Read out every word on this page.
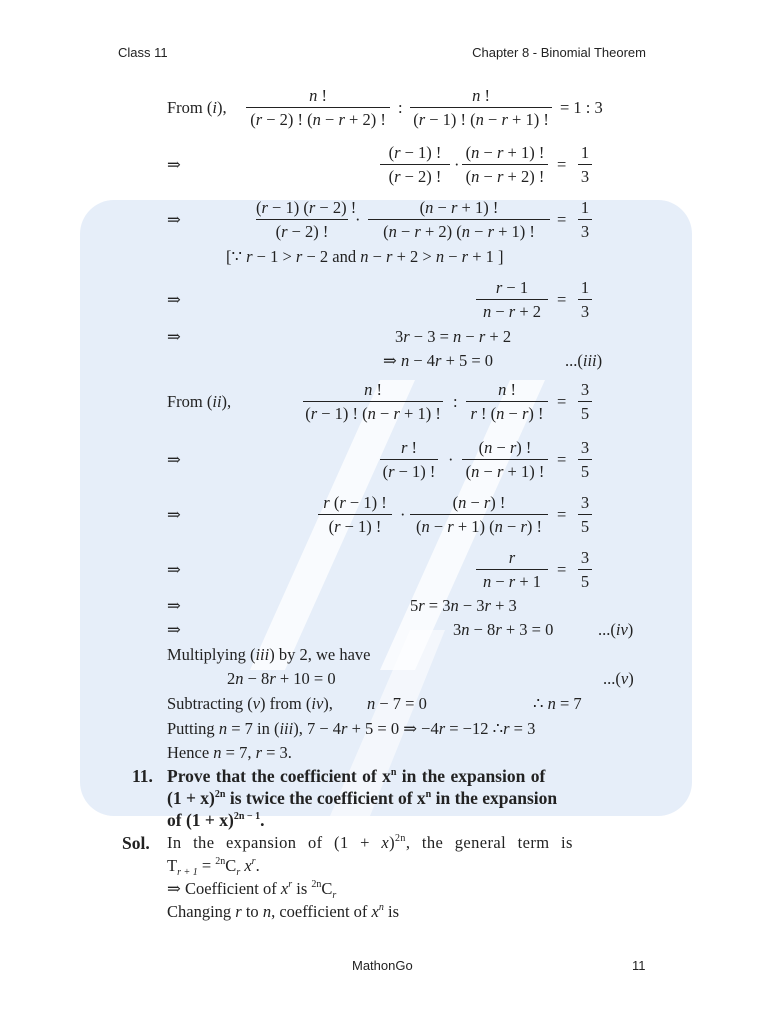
Class 11	Chapter 8 - Binomial Theorem
From (i), $\frac{n !}{(r - 2) ! (n - r + 2) !}$ : $\frac{n !}{(r - 1) ! (n - r + 1) !} = 1$ : 3
⇒	$\frac{(r - 1) !}{(r - 2) !} \cdot \frac{(n - r + 1) !}{(n - r + 2) !} = \frac{1}{3}$
⇒	$\frac{(r - 1) (r - 2) !}{(r - 2) !} \cdot \frac{(n - r + 1) !}{(n - r + 2) (n - r + 1) !} = \frac{1}{3}$
[∵ r − 1 > r − 2 and n − r + 2 > n − r + 1 ]
⇒	$\frac{r - 1}{n - r + 2} = \frac{1}{3}$
⇒	3r − 3 = n − r + 2
⇒ n − 4r + 5 = 0	...(iii)
From (ii),	$\frac{n !}{(r - 1) ! (n - r + 1) !}$ : $\frac{n !}{r ! (n - r) !} = \frac{3}{5}$
⇒	$\frac{r !}{(r - 1) !} \cdot \frac{(n - r) !}{(n - r + 1) !} = \frac{3}{5}$
⇒	$\frac{r (r - 1) !}{(r - 1) !} \cdot \frac{(n - r) !}{(n - r + 1) (n - r) !} = \frac{3}{5}$
⇒	$\frac{r}{n - r + 1} = \frac{3}{5}$
⇒	5r = 3n − 3r + 3
⇒	3n − 8r + 3 = 0	...(iv)
Multiplying (iii) by 2, we have
2n − 8r + 10 = 0	...(v)
Subtracting (v) from (iv), n − 7 = 0	∴ n = 7
Putting n = 7 in (iii), 7 − 4r + 5 = 0 ⇒ −4r = −12 ∴r = 3
Hence n = 7, r = 3.
11. Prove that the coefficient of $x^n$ in the expansion of
$(1 + x)^{2n}$ is twice the coefficient of $x^n$ in the expansion
of $(1 + x)^{2n - 1}$.
Sol. In the expansion of $(1 + x)^{2n}$, the general term is
$T_{r + 1} = ^{2n}C_r$ $x^r$.
⇒ Coefficient of $x^r$ is $^{2n}C_r$
Changing r to n, coefficient of $x^n$ is
MathonGo	11
